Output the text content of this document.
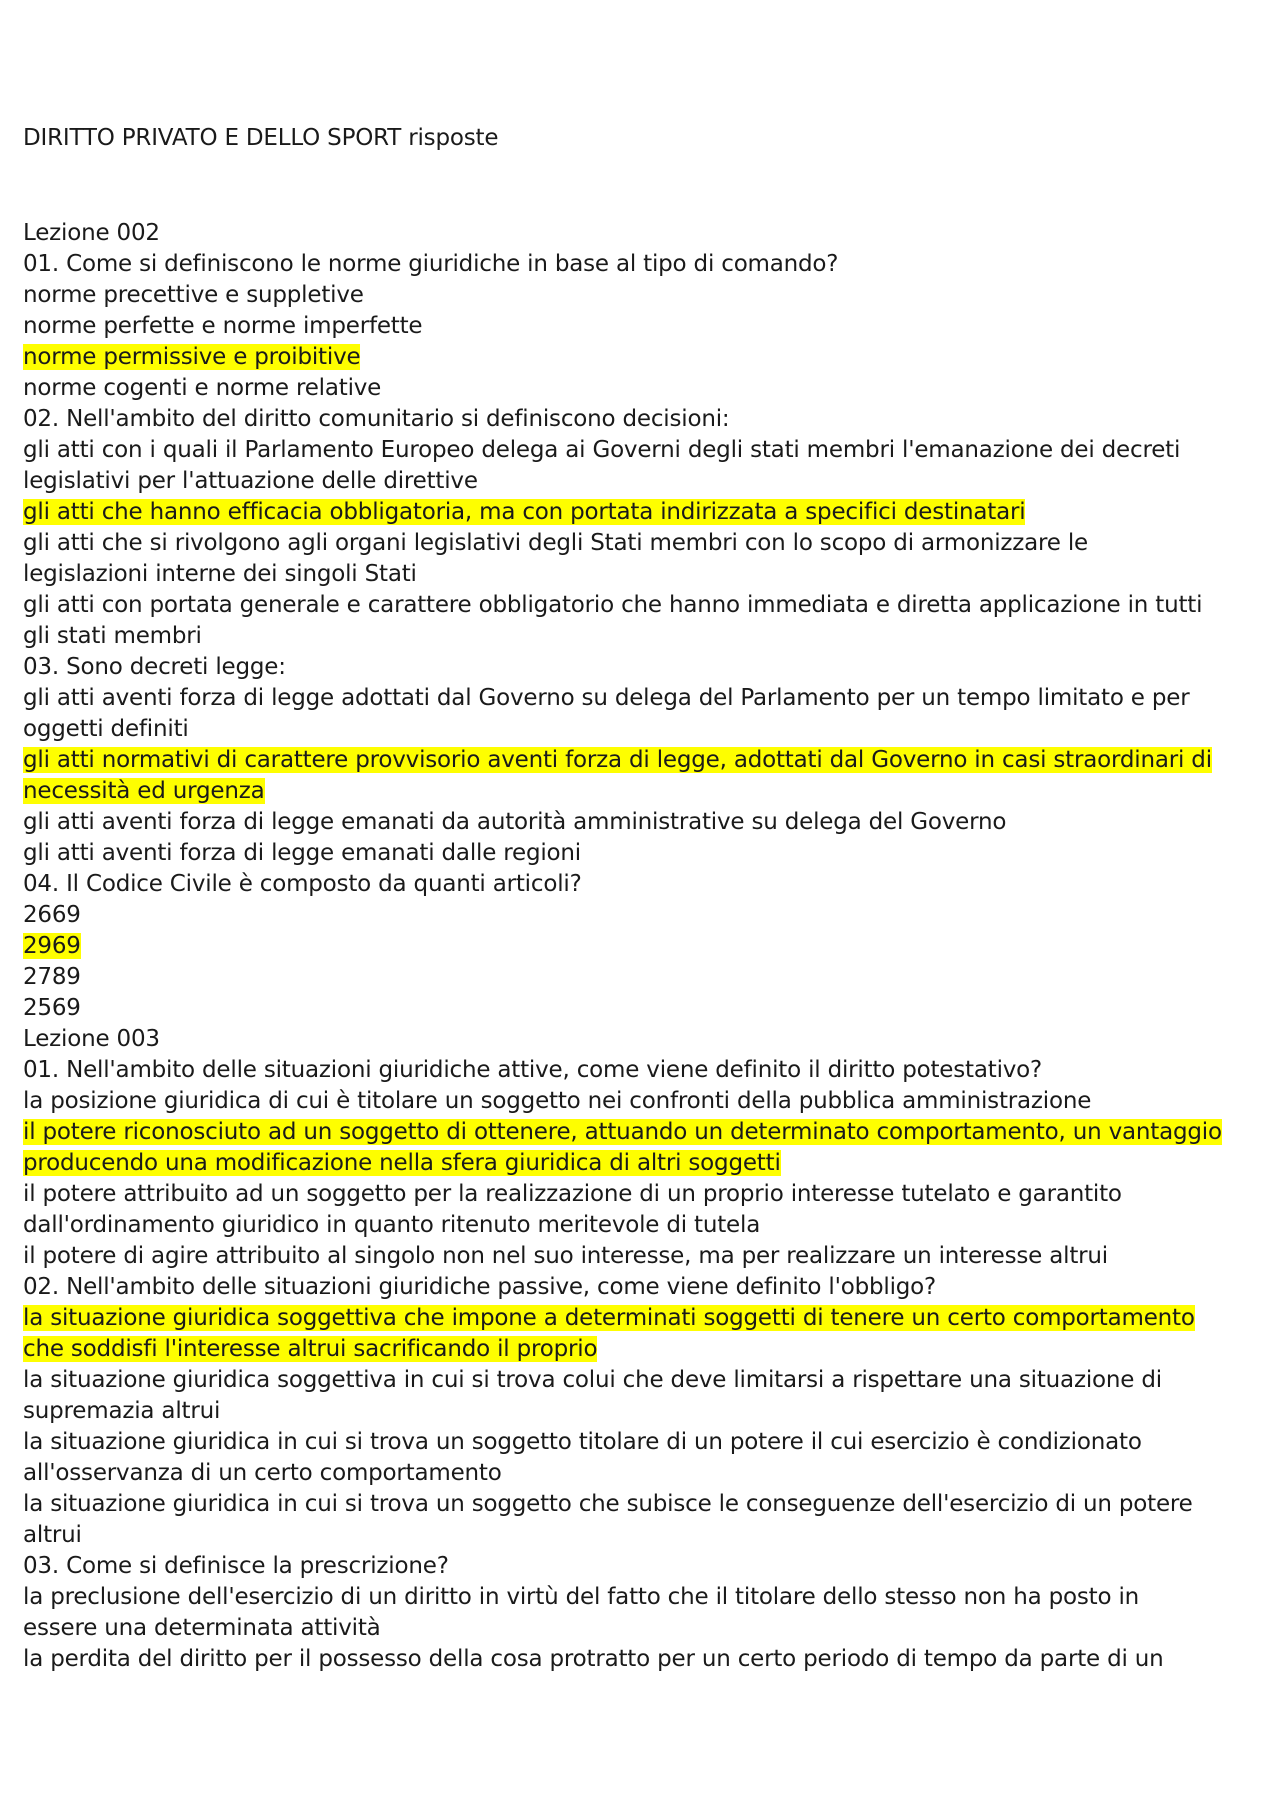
DIRITTO PRIVATO E DELLO SPORT risposte
Lezione 002
01. Come si definiscono le norme giuridiche in base al tipo di comando?
norme precettive e suppletive
norme perfette e norme imperfette
norme permissive e proibitive
norme cogenti e norme relative
02. Nell'ambito del diritto comunitario si definiscono decisioni:
gli atti con i quali il Parlamento Europeo delega ai Governi degli stati membri l'emanazione dei decreti
legislativi per l'attuazione delle direttive
gli atti che hanno efficacia obbligatoria, ma con portata indirizzata a specifici destinatari
gli atti che si rivolgono agli organi legislativi degli Stati membri con lo scopo di armonizzare le
legislazioni interne dei singoli Stati
gli atti con portata generale e carattere obbligatorio che hanno immediata e diretta applicazione in tutti
gli stati membri
03. Sono decreti legge:
gli atti aventi forza di legge adottati dal Governo su delega del Parlamento per un tempo limitato e per
oggetti definiti
gli atti normativi di carattere provvisorio aventi forza di legge, adottati dal Governo in casi straordinari di
necessità ed urgenza
gli atti aventi forza di legge emanati da autorità amministrative su delega del Governo
gli atti aventi forza di legge emanati dalle regioni
04. Il Codice Civile è composto da quanti articoli?
2669
2969
2789
2569
Lezione 003
01. Nell'ambito delle situazioni giuridiche attive, come viene definito il diritto potestativo?
la posizione giuridica di cui è titolare un soggetto nei confronti della pubblica amministrazione
il potere riconosciuto ad un soggetto di ottenere, attuando un determinato comportamento, un vantaggio
producendo una modificazione nella sfera giuridica di altri soggetti
il potere attribuito ad un soggetto per la realizzazione di un proprio interesse tutelato e garantito
dall'ordinamento giuridico in quanto ritenuto meritevole di tutela
il potere di agire attribuito al singolo non nel suo interesse, ma per realizzare un interesse altrui
02. Nell'ambito delle situazioni giuridiche passive, come viene definito l'obbligo?
la situazione giuridica soggettiva che impone a determinati soggetti di tenere un certo comportamento
che soddisfi l'interesse altrui sacrificando il proprio
la situazione giuridica soggettiva in cui si trova colui che deve limitarsi a rispettare una situazione di
supremazia altrui
la situazione giuridica in cui si trova un soggetto titolare di un potere il cui esercizio è condizionato
all'osservanza di un certo comportamento
la situazione giuridica in cui si trova un soggetto che subisce le conseguenze dell'esercizio di un potere
altrui
03. Come si definisce la prescrizione?
la preclusione dell'esercizio di un diritto in virtù del fatto che il titolare dello stesso non ha posto in
essere una determinata attività
la perdita del diritto per il possesso della cosa protratto per un certo periodo di tempo da parte di un
